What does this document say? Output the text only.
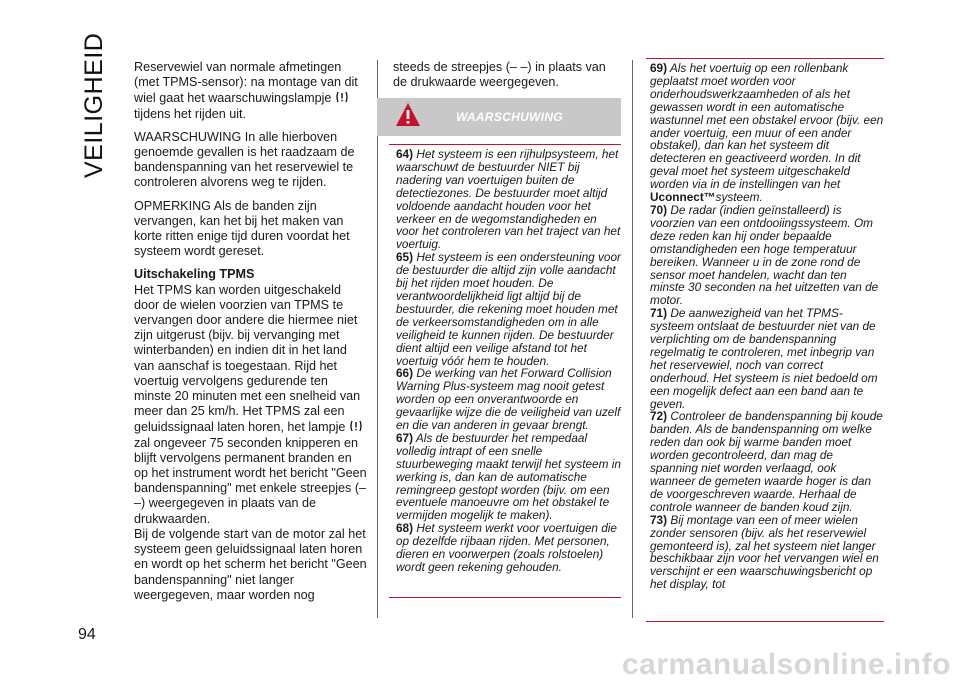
VEILIGHEID
94

Reservewiel van normale afmetingen (met TPMS-sensor): na montage van dit wiel gaat het waarschuwingslampje  tijdens het rijden uit.

WAARSCHUWING In alle hierboven genoemde gevallen is het raadzaam de bandenspanning van het reservewiel te controleren alvorens weg te rijden.

OPMERKING Als de banden zijn vervangen, kan het bij het maken van korte ritten enige tijd duren voordat het systeem wordt gereset.

Uitschakeling TPMS

Het TPMS kan worden uitgeschakeld door de wielen voorzien van TPMS te vervangen door andere die hiermee niet zijn uitgerust (bijv. bij vervanging met winterbanden) en indien dit in het land van aanschaf is toegestaan. Rijd het voertuig vervolgens gedurende ten minste 20 minuten met een snelheid van meer dan 25 km/h. Het TPMS zal een geluidssignaal laten horen, het lampje  zal ongeveer 75 seconden knipperen en blijft vervolgens permanent branden en op het instrument wordt het bericht "Geen bandenspanning" met enkele streepjes (– –) weergegeven in plaats van de drukwaarden.

Bij de volgende start van de motor zal het systeem geen geluidssignaal laten horen en wordt op het scherm het bericht "Geen bandenspanning" niet langer weergegeven, maar worden nog

steeds de streepjes (– –) in plaats van de drukwaarde weergegeven.

WAARSCHUWING
64) Het systeem is een rijhulpsysteem, het waarschuwt de bestuurder NIET bij nadering van voertuigen buiten de detectiezones. De bestuurder moet altijd voldoende aandacht houden voor het verkeer en de wegomstandigheden en voor het controleren van het traject van het voertuig.
65) Het systeem is een ondersteuning voor de bestuurder die altijd zijn volle aandacht bij het rijden moet houden. De verantwoordelijkheid ligt altijd bij de bestuurder, die rekening moet houden met de verkeersomstandigheden om in alle veiligheid te kunnen rijden. De bestuurder dient altijd een veilige afstand tot het voertuig vóór hem te houden.
66) De werking van het Forward Collision Warning Plus-systeem mag nooit getest worden op een onverantwoorde en gevaarlijke wijze die de veiligheid van uzelf en die van anderen in gevaar brengt.
67) Als de bestuurder het rempedaal volledig intrapt of een snelle stuurbeweging maakt terwijl het systeem in werking is, dan kan de automatische remingreep gestopt worden (bijv. om een eventuele manoeuvre om het obstakel te vermijden mogelijk te maken).
68) Het systeem werkt voor voertuigen die op dezelfde rijbaan rijden. Met personen, dieren en voorwerpen (zoals rolstoelen) wordt geen rekening gehouden.
69) Als het voertuig op een rollenbank geplaatst moet worden voor onderhoudswerkzaamheden of als het gewassen wordt in een automatische wastunnel met een obstakel ervoor (bijv. een ander voertuig, een muur of een ander obstakel), dan kan het systeem dit detecteren en geactiveerd worden. In dit geval moet het systeem uitgeschakeld worden via in de instellingen van het Uconnect™systeem.
70) De radar (indien geïnstalleerd) is voorzien van een ontdooiingssysteem. Om deze reden kan hij onder bepaalde omstandigheden een hoge temperatuur bereiken. Wanneer u in de zone rond de sensor moet handelen, wacht dan ten minste 30 seconden na het uitzetten van de motor.
71) De aanwezigheid van het TPMS-systeem ontslaat de bestuurder niet van de verplichting om de bandenspanning regelmatig te controleren, met inbegrip van het reservewiel, noch van correct onderhoud. Het systeem is niet bedoeld om een mogelijk defect aan een band aan te geven.
72) Controleer de bandenspanning bij koude banden. Als de bandenspanning om welke reden dan ook bij warme banden moet worden gecontroleerd, dan mag de spanning niet worden verlaagd, ook wanneer de gemeten waarde hoger is dan de voorgeschreven waarde. Herhaal de controle wanneer de banden koud zijn.
73) Bij montage van een of meer wielen zonder sensoren (bijv. als het reservewiel gemonteerd is), zal het systeem niet langer beschikbaar zijn voor het vervangen wiel en verschijnt er een waarschuwingsbericht op het display, tot
carmanualsonline.info
